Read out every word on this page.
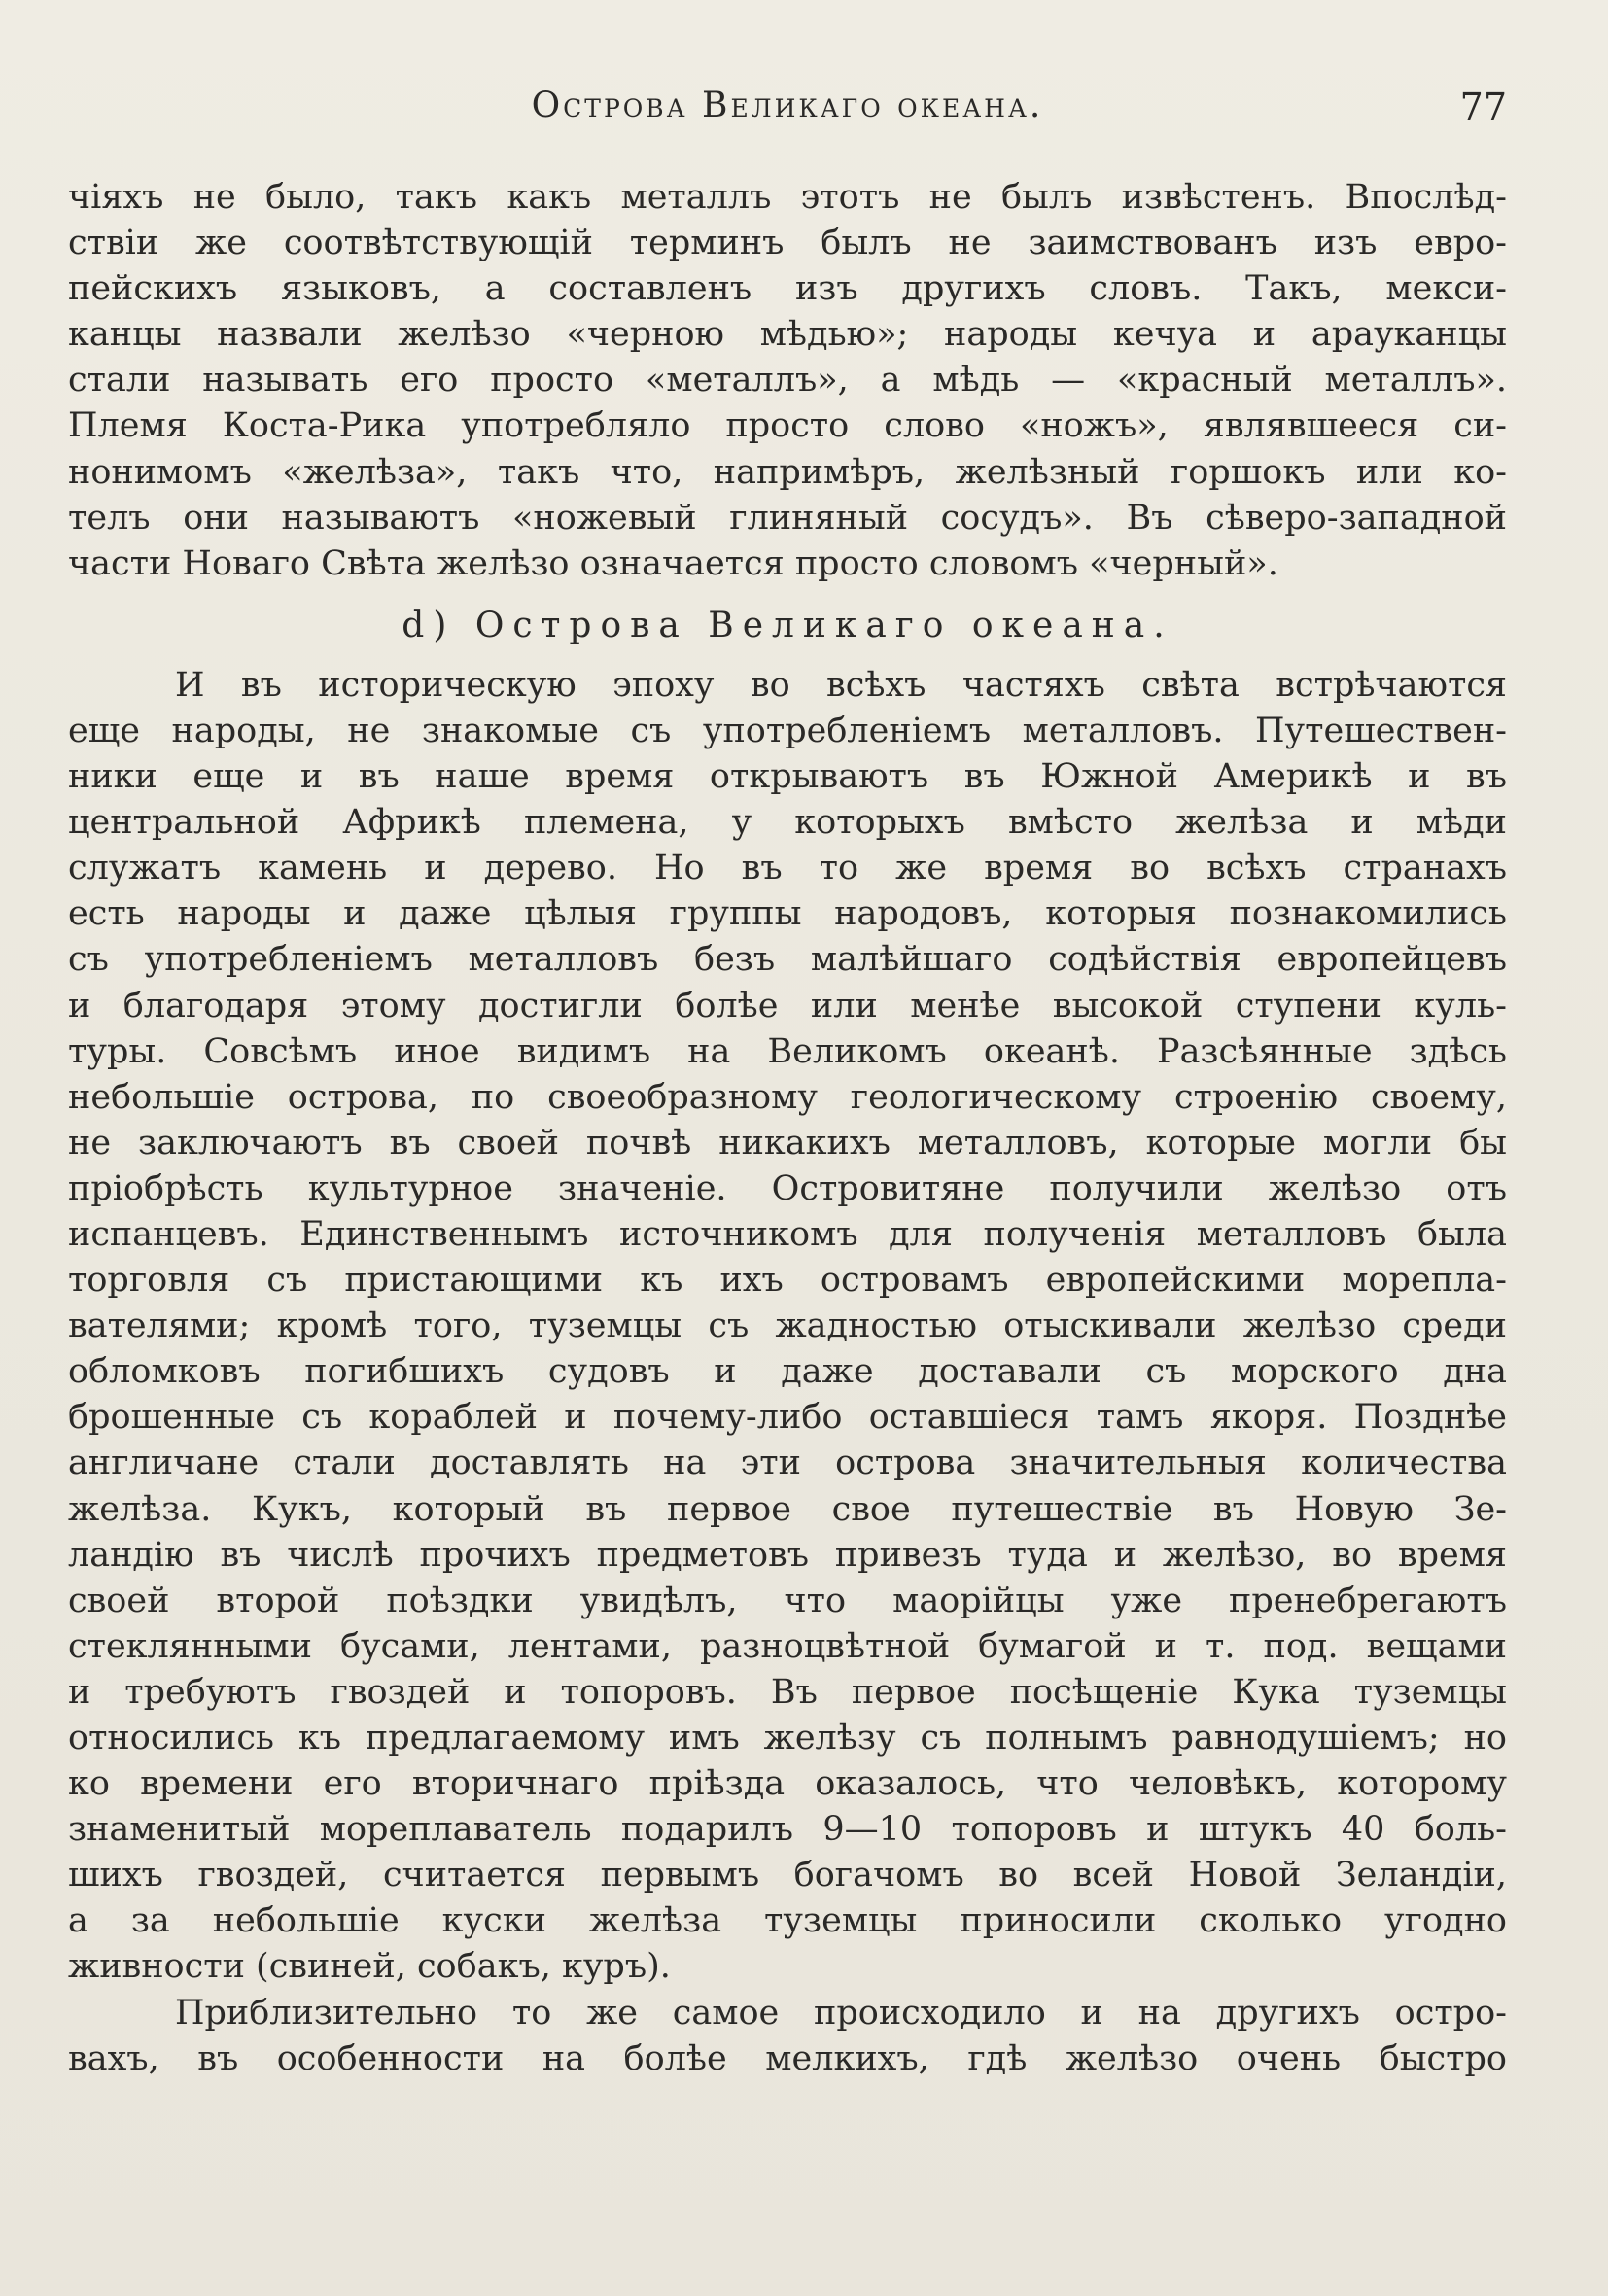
Острова Великаго океана.	77
чіяхъ не было, такъ какъ металлъ этотъ не былъ извѣстенъ. Впослѣд-
ствіи же соотвѣтствующій терминъ былъ не заимствованъ изъ евро-
пейскихъ языковъ, а составленъ изъ другихъ словъ. Такъ, мекси-
канцы назвали желѣзо «черною мѣдью»; народы кечуа и арауканцы
стали называть его просто «металлъ», а мѣдь — «красный металлъ».
Племя Коста-Рика употребляло просто слово «ножъ», являвшееся си-
нонимомъ «желѣза», такъ что, напримѣръ, желѣзный горшокъ или ко-
телъ они называютъ «ножевый глиняный сосудъ». Въ сѣверо-западной
части Новаго Свѣта желѣзо означается просто словомъ «черный».
d) Острова Великаго океана.
И въ историческую эпоху во всѣхъ частяхъ свѣта встрѣчаются
еще народы, не знакомые съ употребленіемъ металловъ. Путешествен-
ники еще и въ наше время открываютъ въ Южной Америкѣ и въ
центральной Африкѣ племена, у которыхъ вмѣсто желѣза и мѣди
служатъ камень и дерево. Но въ то же время во всѣхъ странахъ
есть народы и даже цѣлыя группы народовъ, которыя познакомились
съ употребленіемъ металловъ безъ малѣйшаго содѣйствія европейцевъ
и благодаря этому достигли болѣе или менѣе высокой ступени куль-
туры. Совсѣмъ иное видимъ на Великомъ океанѣ. Разсѣянные здѣсь
небольшіе острова, по своеобразному геологическому строенію своему,
не заключаютъ въ своей почвѣ никакихъ металловъ, которые могли бы
пріобрѣсть культурное значеніе. Островитяне получили желѣзо отъ
испанцевъ. Единственнымъ источникомъ для полученія металловъ была
торговля съ пристающими къ ихъ островамъ европейскими морепла-
вателями; кромѣ того, туземцы съ жадностью отыскивали желѣзо среди
обломковъ погибшихъ судовъ и даже доставали съ морского дна
брошенные съ кораблей и почему-либо оставшіеся тамъ якоря. Позднѣе
англичане стали доставлять на эти острова значительныя количества
желѣза. Кукъ, который въ первое свое путешествіе въ Новую Зе-
ландію въ числѣ прочихъ предметовъ привезъ туда и желѣзо, во время
своей второй поѣздки увидѣлъ, что маорійцы уже пренебрегаютъ
стеклянными бусами, лентами, разноцвѣтной бумагой и т. под. вещами
и требуютъ гвоздей и топоровъ. Въ первое посѣщеніе Кука туземцы
относились къ предлагаемому имъ желѣзу съ полнымъ равнодушіемъ; но
ко времени его вторичнаго пріѣзда оказалось, что человѣкъ, которому
знаменитый мореплаватель подарилъ 9—10 топоровъ и штукъ 40 боль-
шихъ гвоздей, считается первымъ богачомъ во всей Новой Зеландіи,
а за небольшіе куски желѣза туземцы приносили сколько угодно
живности (свиней, собакъ, куръ).
Приблизительно то же самое происходило и на другихъ остро-
вахъ, въ особенности на болѣе мелкихъ, гдѣ желѣзо очень быстро
